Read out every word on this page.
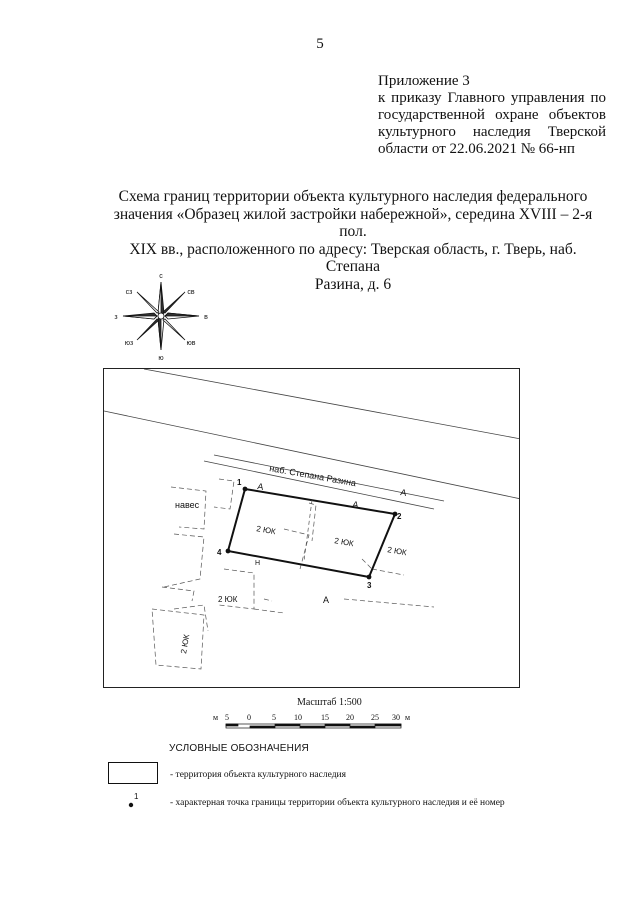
5
Приложение 3
к приказу Главного управления по
государственной охране объектов
культурного наследия Тверской
области от 22.06.2021 № 66-нп
Схема границ территории объекта культурного наследия федерального
значения «Образец жилой застройки набережной», середина XVIII – 2-я пол.
XIX вв., расположенного по адресу: Тверская область, г. Тверь, наб. Степана
Разина, д. 6
с
св
в
юв
ю
юз
з
сз
1
2
3
4
наб. Степана Разина
навес
А
А
А
А
Н
2 ЮК
2 ЮК
2 ЮК
2 ЮК
2 ЮК
Масштаб 1:500
м 5 0	5 10 15 20 25 30 м
УСЛОВНЫЕ ОБОЗНАЧЕНИЯ
- территория объекта культурного наследия
1
- характерная точка границы территории объекта культурного наследия и её номер
